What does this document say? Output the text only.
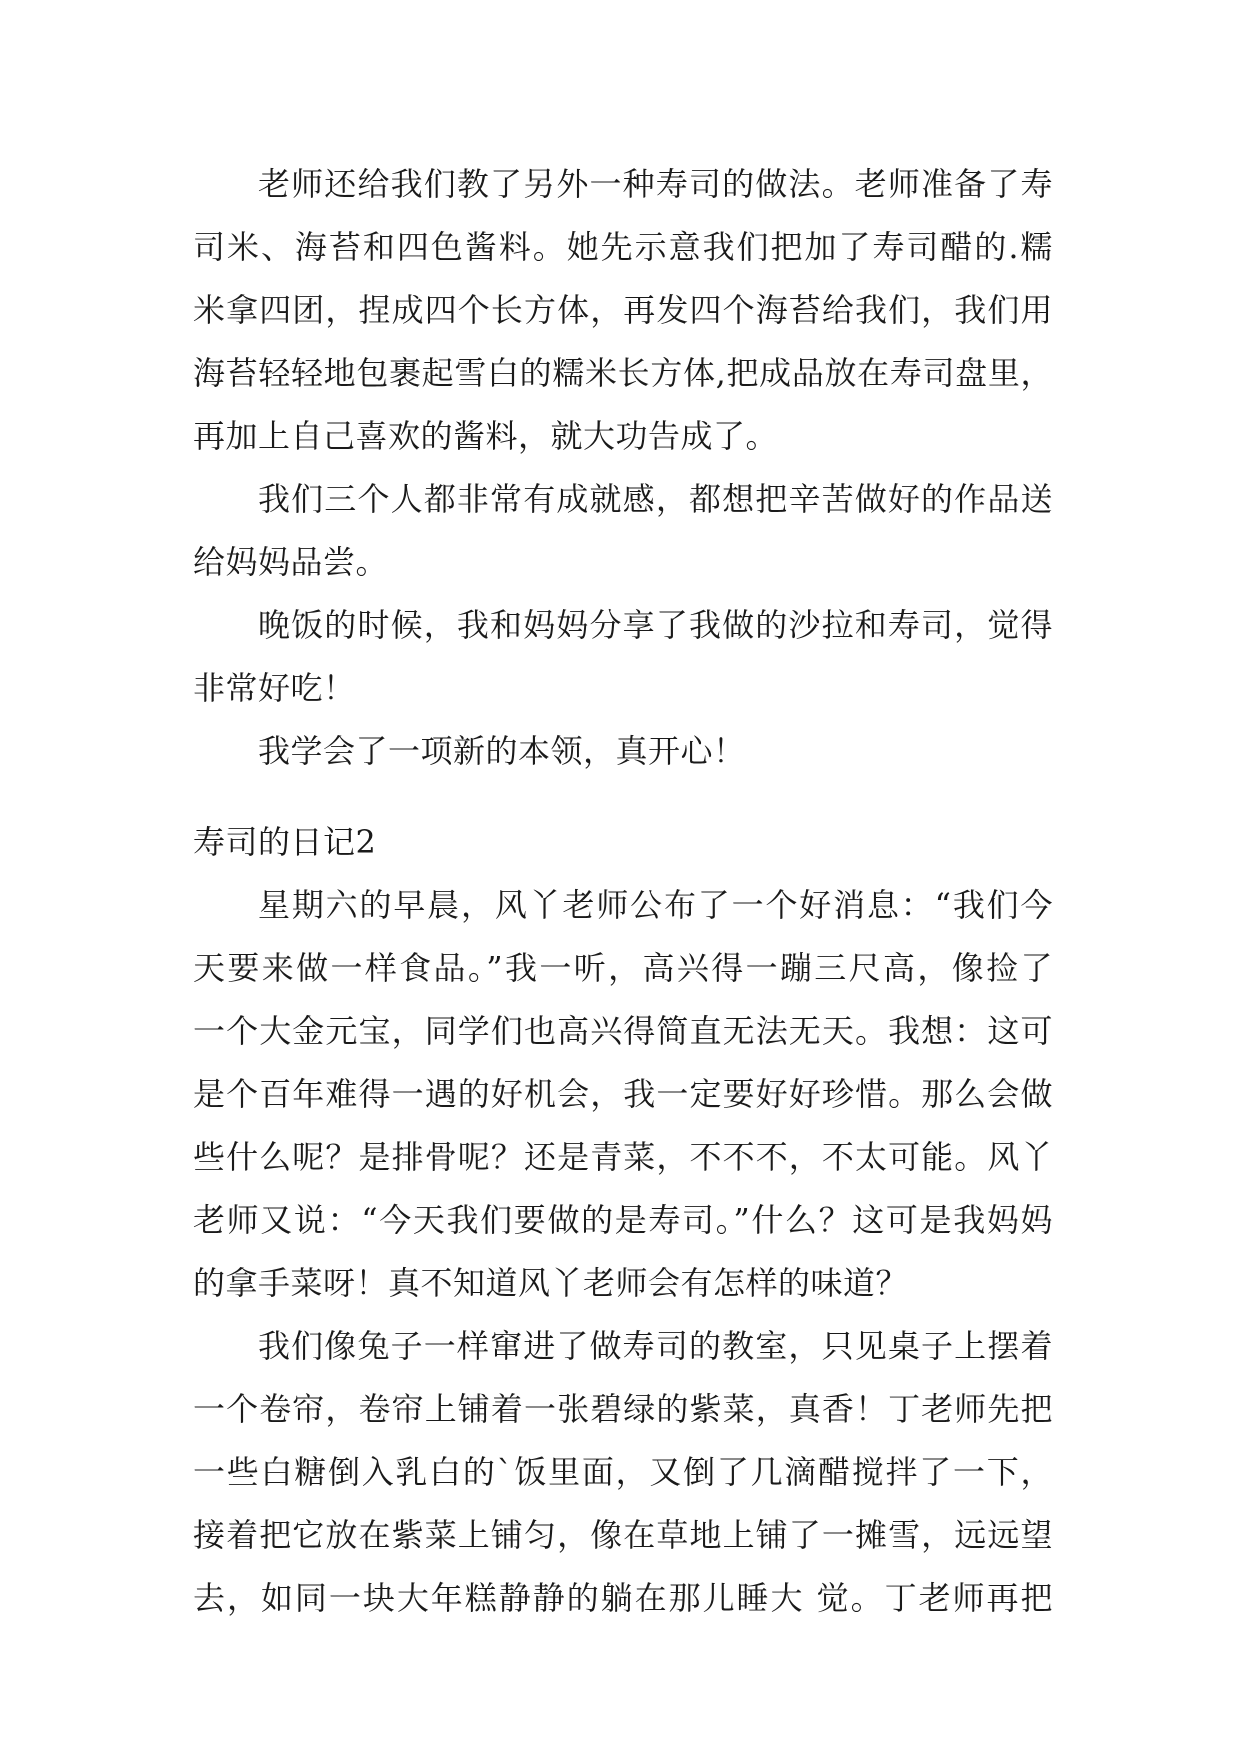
老师还给我们教了另外一种寿司的做法。老师准备了寿
司米、海苔和四色酱料。她先示意我们把加了寿司醋的.糯
米拿四团，捏成四个长方体，再发四个海苔给我们，我们用
海苔轻轻地包裹起雪白的糯米长方体,把成品放在寿司盘里，
再加上自己喜欢的酱料，就大功告成了。
我们三个人都非常有成就感，都想把辛苦做好的作品送
给妈妈品尝。
晚饭的时候，我和妈妈分享了我做的沙拉和寿司，觉得
非常好吃！
我学会了一项新的本领，真开心！
寿司的日记2
星期六的早晨，风丫老师公布了一个好消息：“我们今
天要来做一样食品。”我一听，高兴得一蹦三尺高，像捡了
一个大金元宝，同学们也高兴得简直无法无天。我想：这可
是个百年难得一遇的好机会，我一定要好好珍惜。那么会做
些什么呢？是排骨呢？还是青菜，不不不，不太可能。风丫
老师又说：“今天我们要做的是寿司。”什么？这可是我妈妈
的拿手菜呀！真不知道风丫老师会有怎样的味道？
我们像兔子一样窜进了做寿司的教室，只见桌子上摆着
一个卷帘，卷帘上铺着一张碧绿的紫菜，真香！丁老师先把
一些白糖倒入乳白的`饭里面，又倒了几滴醋搅拌了一下，
接着把它放在紫菜上铺匀，像在草地上铺了一摊雪，远远望
去，如同一块大年糕静静的躺在那儿睡大 觉。丁老师再把
